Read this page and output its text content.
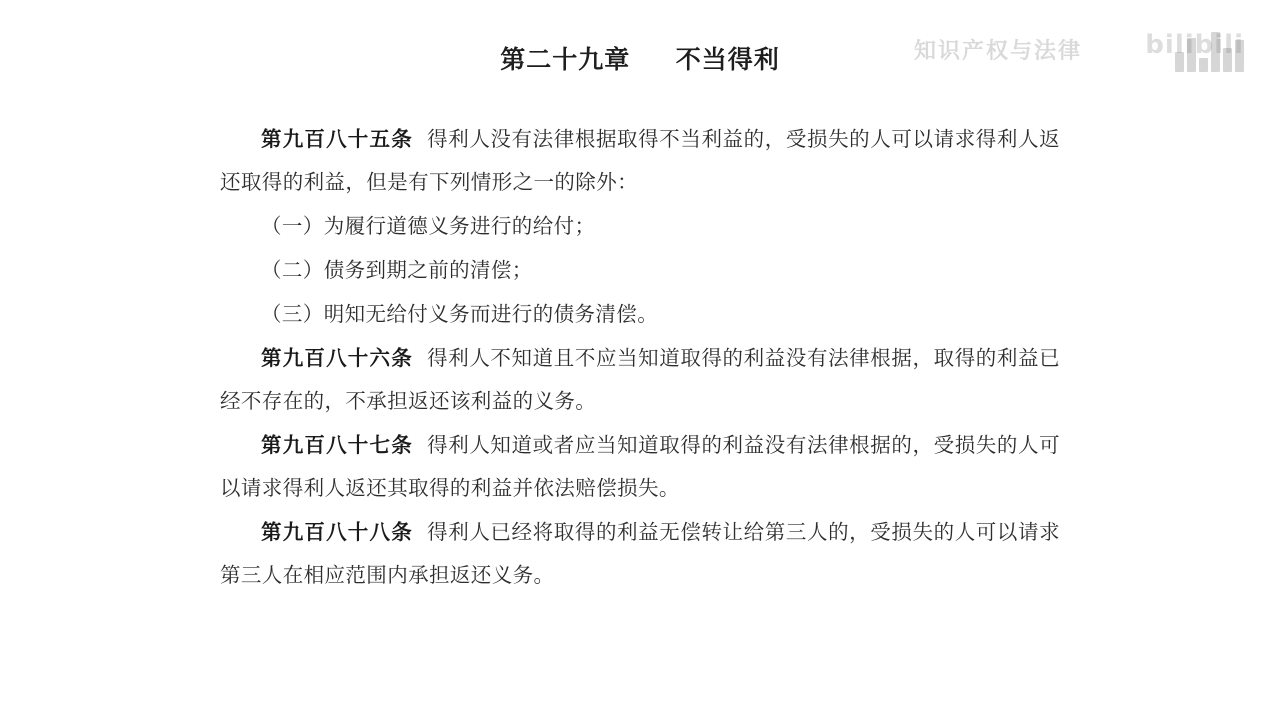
知识产权与法律 bilibili
第二十九章 不当得利

第九百八十五条 得利人没有法律根据取得不当利益的，受损失的人可以请求得利人返还取得的利益，但是有下列情形之一的除外：

（一）为履行道德义务进行的给付；

（二）债务到期之前的清偿；

（三）明知无给付义务而进行的债务清偿。

第九百八十六条 得利人不知道且不应当知道取得的利益没有法律根据，取得的利益已经不存在的，不承担返还该利益的义务。

第九百八十七条 得利人知道或者应当知道取得的利益没有法律根据的，受损失的人可以请求得利人返还其取得的利益并依法赔偿损失。

第九百八十八条 得利人已经将取得的利益无偿转让给第三人的，受损失的人可以请求第三人在相应范围内承担返还义务。
